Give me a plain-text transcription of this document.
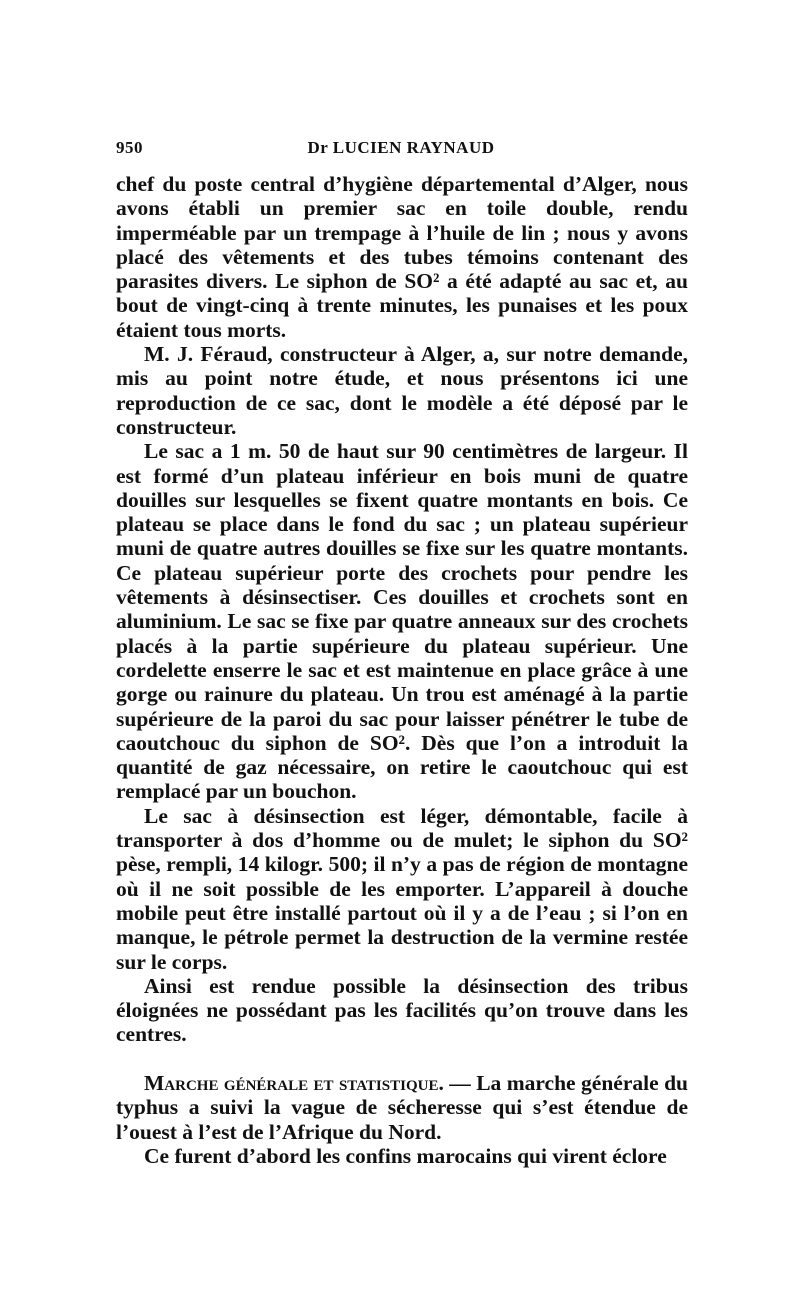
950	Dr LUCIEN RAYNAUD

chef du poste central d’hygiène départemental d’Alger, nous avons établi un premier sac en toile double, rendu imperméable par un trempage à l’huile de lin ; nous y avons placé des vêtements et des tubes témoins contenant des parasites divers. Le siphon de SO² a été adapté au sac et, au bout de vingt-cinq à trente minutes, les punaises et les poux étaient tous morts.

M. J. Féraud, constructeur à Alger, a, sur notre demande, mis au point notre étude, et nous présentons ici une reproduction de ce sac, dont le modèle a été déposé par le constructeur.

Le sac a 1 m. 50 de haut sur 90 centimètres de largeur. Il est formé d’un plateau inférieur en bois muni de quatre douilles sur lesquelles se fixent quatre montants en bois. Ce plateau se place dans le fond du sac ; un plateau supérieur muni de quatre autres douilles se fixe sur les quatre montants. Ce plateau supérieur porte des crochets pour pendre les vêtements à désinsectiser. Ces douilles et crochets sont en aluminium. Le sac se fixe par quatre anneaux sur des crochets placés à la partie supérieure du plateau supérieur. Une cordelette enserre le sac et est maintenue en place grâce à une gorge ou rainure du plateau. Un trou est aménagé à la partie supérieure de la paroi du sac pour laisser pénétrer le tube de caoutchouc du siphon de SO². Dès que l’on a introduit la quantité de gaz nécessaire, on retire le caoutchouc qui est remplacé par un bouchon.

Le sac à désinsection est léger, démontable, facile à transporter à dos d’homme ou de mulet; le siphon du SO² pèse, rempli, 14 kilogr. 500; il n’y a pas de région de montagne où il ne soit possible de les emporter. L’appareil à douche mobile peut être installé partout où il y a de l’eau ; si l’on en manque, le pétrole permet la destruction de la vermine restée sur le corps.

Ainsi est rendue possible la désinsection des tribus éloignées ne possédant pas les facilités qu’on trouve dans les centres.

Marche générale et statistique. — La marche générale du typhus a suivi la vague de sécheresse qui s’est étendue de l’ouest à l’est de l’Afrique du Nord.

Ce furent d’abord les confins marocains qui virent éclore
